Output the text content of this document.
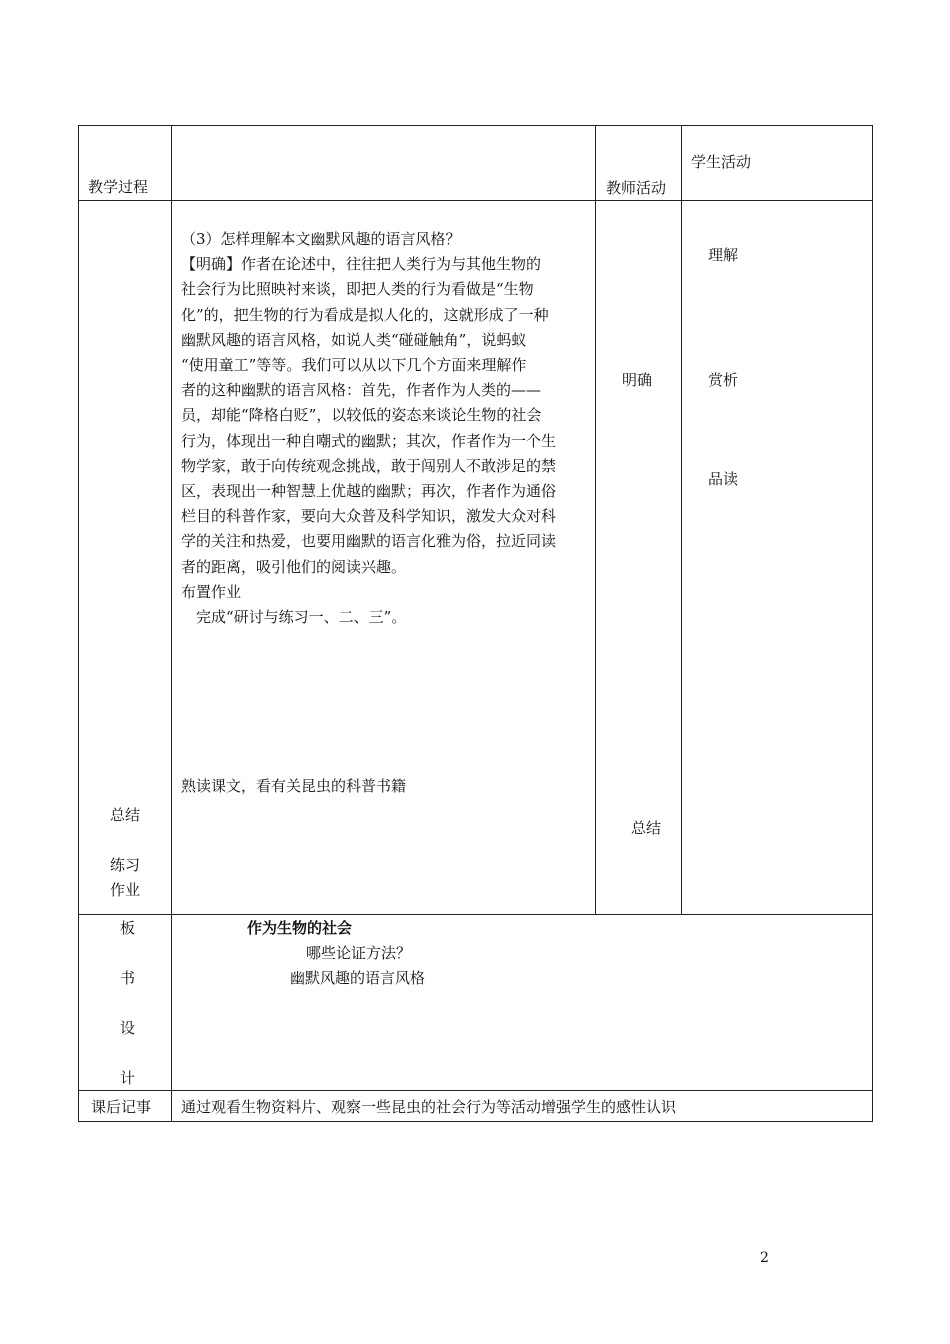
教学过程	教师活动
学生活动
总结
练习
作业
（3）怎样理解本文幽默风趣的语言风格？
【明确】作者在论述中，往往把人类行为与其他生物的
社会行为比照映衬来谈，即把人类的行为看做是“生物
化”的，把生物的行为看成是拟人化的，这就形成了一种
幽默风趣的语言风格，如说人类“碰碰触角”，说蚂蚁
“使用童工”等等。我们可以从以下几个方面来理解作
者的这种幽默的语言风格：首先，作者作为人类的——
员，却能“降格白贬”，以较低的姿态来谈论生物的社会
行为，体现出一种自嘲式的幽默；其次，作者作为一个生
物学家，敢于向传统观念挑战，敢于闯别人不敢涉足的禁
区，表现出一种智慧上优越的幽默；再次，作者作为通俗
栏目的科普作家，要向大众普及科学知识，激发大众对科
学的关注和热爱，也要用幽默的语言化雅为俗，拉近同读
者的距离，吸引他们的阅读兴趣。
布置作业
　完成“研讨与练习一、二、三”。
熟读课文，看有关昆虫的科普书籍
明确
总结
理解
赏析
品读
板
书
设
计
作为生物的社会
哪些论证方法？
幽默风趣的语言风格
课后记事 通过观看生物资料片、观察一些昆虫的社会行为等活动增强学生的感性认识
2
